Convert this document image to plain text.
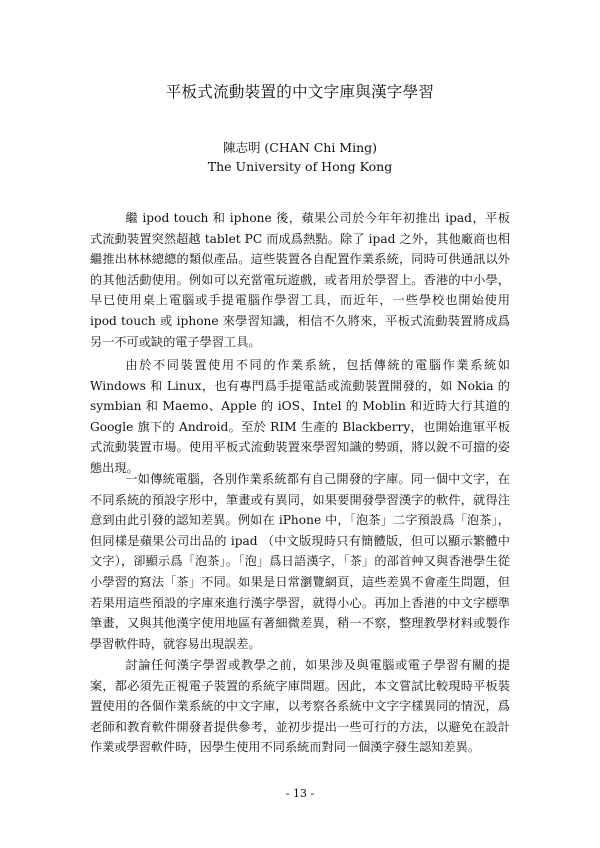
平板式流動裝置的中文字庫與漢字學習
陳志明 (CHAN Chi Ming)
The University of Hong Kong

繼 ipod touch 和 iphone 後，蘋果公司於今年年初推出 ipad，平板式流動裝置突然超越 tablet PC 而成爲熱點。除了 ipad 之外，其他廠商也相繼推出林林總總的類似產品。這些裝置各自配置作業系統，同時可供通訊以外的其他活動使用。例如可以充當電玩遊戲，或者用於學習上。香港的中小學，早已使用桌上電腦或手提電腦作學習工具，而近年，一些學校也開始使用 ipod touch 或 iphone 來學習知識，相信不久將來，平板式流動裝置將成爲另一不可或缺的電子學習工具。

由於不同裝置使用不同的作業系統，包括傳統的電腦作業系統如 Windows 和 Linux，也有專門爲手提電話或流動裝置開發的，如 Nokia 的 symbian 和 Maemo、Apple 的 iOS、Intel 的 Moblin 和近時大行其道的 Google 旗下的 Android。至於 RIM 生產的 Blackberry，也開始進軍平板式流動裝置市場。使用平板式流動裝置來學習知識的勢頭，將以銳不可擋的姿態出現。

一如傳統電腦，各別作業系統都有自己開發的字庫。同一個中文字，在不同系統的預設字形中，筆畫或有異同，如果要開發學習漢字的軟件，就得注意到由此引發的認知差異。例如在 iPhone 中，「泡茶」二字預設爲「泡茶」，但同樣是蘋果公司出品的 ipad （中文版現時只有簡體版，但可以顯示繁體中文字），卻顯示爲「泡茶」。「泡」爲日語漢字，「茶」的部首艸又與香港學生從小學習的寫法「茶」不同。如果是日常瀏覽網頁，這些差異不會產生問題，但若果用這些預設的字庫來進行漢字學習，就得小心。再加上香港的中文字標準筆畫，又與其他漢字使用地區有著細微差異，稍一不察，整理教學材料或製作學習軟件時，就容易出現誤差。

討論任何漢字學習或教學之前，如果涉及與電腦或電子學習有關的提案，都必須先正視電子裝置的系統字庫問題。因此，本文嘗試比較現時平板裝置使用的各個作業系統的中文字庫，以考察各系統中文字字樣異同的情況，爲老師和教育軟件開發者提供參考，並初步提出一些可行的方法，以避免在設計作業或學習軟件時，因學生使用不同系統而對同一個漢字發生認知差異。

- 13 -
